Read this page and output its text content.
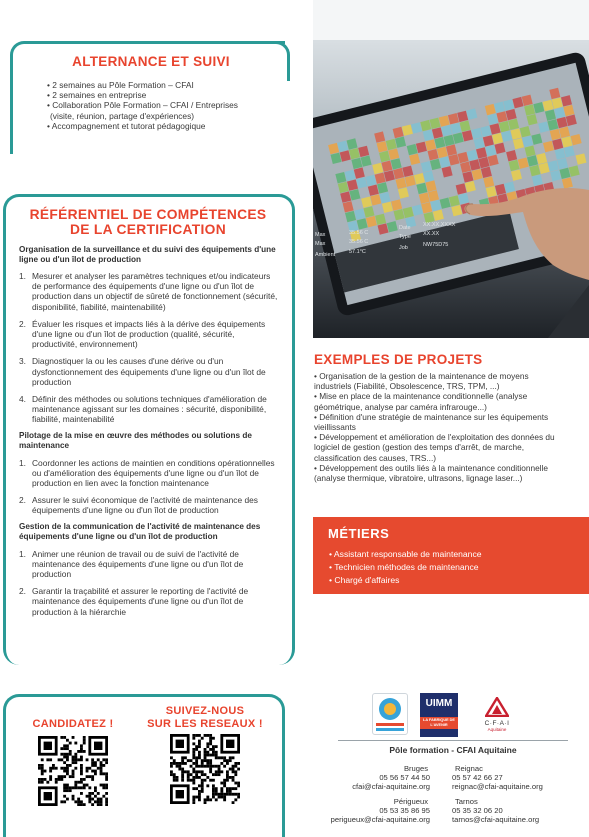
ALTERNANCE ET SUIVI
• 2 semaines au Pôle Formation – CFAI
• 2 semaines en entreprise
• Collaboration Pôle Formation – CFAI / Entreprises
(visite, réunion, partage d'expériences)
• Accompagnement et tutorat pédagogique
RÉFÉRENTIEL DE COMPÉTENCES
DE LA CERTIFICATION
Organisation de la surveillance et du suivi des équipements d'une ligne ou d'un îlot de production
1. Mesurer et analyser les paramètres techniques et/ou indicateurs de performance des équipements d'une ligne ou d'un îlot de production dans un objectif de sûreté de fonctionnement (sécurité, disponibilité, fiabilité, maintenabilité)
2. Évaluer les risques et impacts liés à la dérive des équipements d'une ligne ou d'un îlot de production (qualité, sécurité, productivité, environnement)
3. Diagnostiquer la ou les causes d'une dérive ou d'un dysfonctionnement des équipements d'une ligne ou d'un îlot de production
4. Définir des méthodes ou solutions techniques d'amélioration de maintenance agissant sur les domaines : sécurité, disponibilité, fiabilité, maintenabilité
Pilotage de la mise en œuvre des méthodes ou solutions de maintenance
1. Coordonner les actions de maintien en conditions opérationnelles ou d'amélioration des équipements d'une ligne ou d'un îlot de production en lien avec la fonction maintenance
2. Assurer le suivi économique de l'activité de maintenance des équipements d'une ligne ou d'un îlot de production
Gestion de la communication de l'activité de maintenance des équipements d'une ligne ou d'un îlot de production
1. Animer une réunion de travail ou de suivi de l'activité de maintenance des équipements d'une ligne ou d'un îlot de production
2. Garantir la traçabilité et assurer le reporting de l'activité de maintenance des équipements d'une ligne ou d'un îlot de production à la hiérarchie
CANDIDATEZ !
SUIVEZ-NOUS
SUR LES RESEAUX !
Max	35.56 C
Date XX.XX.XXXX
Max	35.56 C
Type XX.XX
Ambient	57.1°C
Job	NW75D75
EXEMPLES DE PROJETS
• Organisation de la gestion de la maintenance de moyens
industriels (Fiabilité, Obsolescence, TRS, TPM, ...)
• Mise en place de la maintenance conditionnelle (analyse
géométrique, analyse par caméra infrarouge...)
• Définition d'une stratégie de maintenance sur les équipements
vieillissants
• Développement et amélioration de l'exploitation des données du
logiciel de gestion (gestion des temps d'arrêt, de marche,
classification des causes, TRS...)
• Développement des outils liés à la maintenance conditionnelle
(analyse thermique, vibratoire, ultrasons, lignage laser...)
MÉTIERS
• Assistant responsable de maintenance
• Technicien méthodes de maintenance
• Chargé d'affaires
UIMM
LA FABRIQUE DE L'AVENIR	C·F·A·I
Aquitaine
Pôle formation - CFAI Aquitaine
Bruges
05 56 57 44 50
cfai@cfai-aquitaine.org
Reignac
05 57 42 66 27
reignac@cfai-aquitaine.org
Périgueux
05 53 35 86 95
perigueux@cfai-aquitaine.org
Tarnos
05 35 32 06 20
tarnos@cfai-aquitaine.org
